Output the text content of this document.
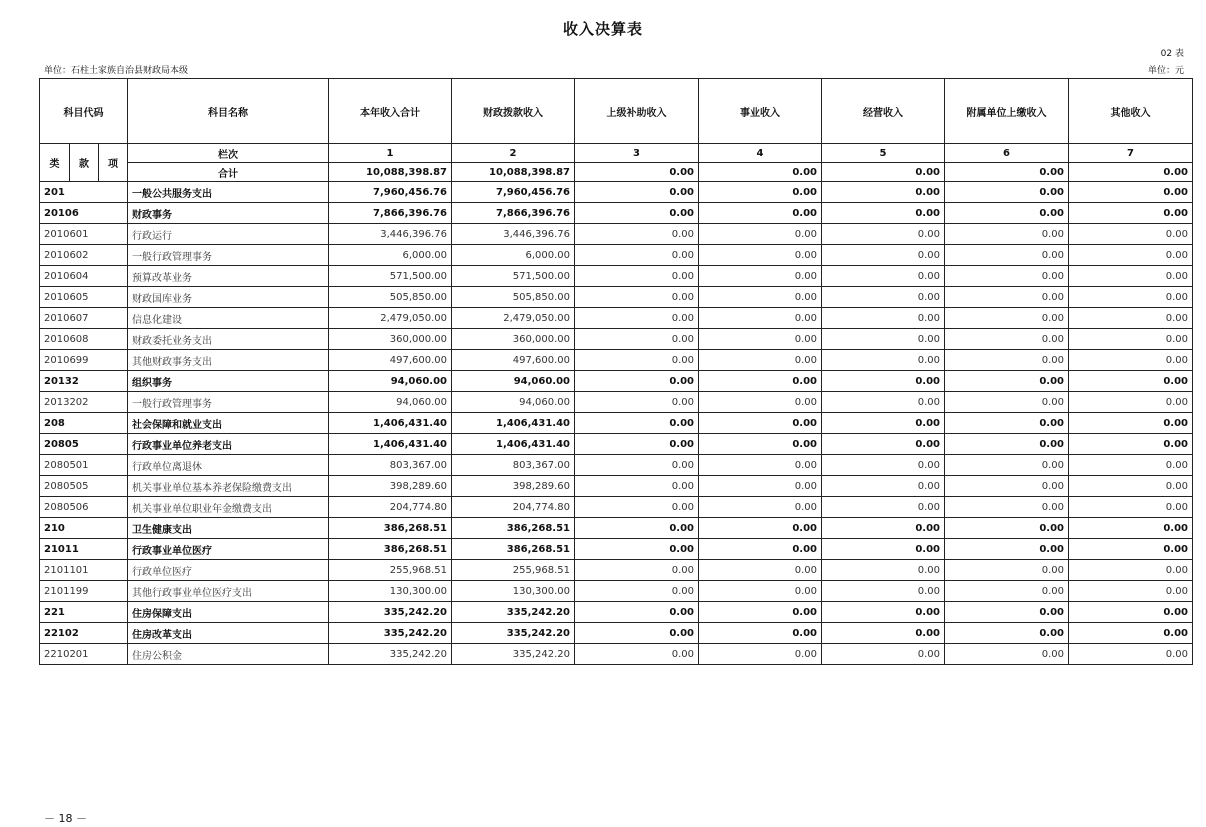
收入决算表
02 表
单位：石柱土家族自治县财政局本级	单位：元
科目代码			科目名称	本年收入合计	财政拨款收入	上级补助收入	事业收入	经营收入	附属单位上缴收入	其他收入
类	款	项	栏次	1	2	3	4	5	6	7
			合计	10,088,398.87	10,088,398.87	0.00	0.00	0.00	0.00	0.00
201			一般公共服务支出	7,960,456.76	7,960,456.76	0.00	0.00	0.00	0.00	0.00
20106			财政事务	7,866,396.76	7,866,396.76	0.00	0.00	0.00	0.00	0.00
2010601			行政运行	3,446,396.76	3,446,396.76	0.00	0.00	0.00	0.00	0.00
2010602			一般行政管理事务	6,000.00	6,000.00	0.00	0.00	0.00	0.00	0.00
2010604			预算改革业务	571,500.00	571,500.00	0.00	0.00	0.00	0.00	0.00
2010605			财政国库业务	505,850.00	505,850.00	0.00	0.00	0.00	0.00	0.00
2010607			信息化建设	2,479,050.00	2,479,050.00	0.00	0.00	0.00	0.00	0.00
2010608			财政委托业务支出	360,000.00	360,000.00	0.00	0.00	0.00	0.00	0.00
2010699			其他财政事务支出	497,600.00	497,600.00	0.00	0.00	0.00	0.00	0.00
20132			组织事务	94,060.00	94,060.00	0.00	0.00	0.00	0.00	0.00
2013202			一般行政管理事务	94,060.00	94,060.00	0.00	0.00	0.00	0.00	0.00
208			社会保障和就业支出	1,406,431.40	1,406,431.40	0.00	0.00	0.00	0.00	0.00
20805			行政事业单位养老支出	1,406,431.40	1,406,431.40	0.00	0.00	0.00	0.00	0.00
2080501			行政单位离退休	803,367.00	803,367.00	0.00	0.00	0.00	0.00	0.00
2080505			机关事业单位基本养老保险缴费支出	398,289.60	398,289.60	0.00	0.00	0.00	0.00	0.00
2080506			机关事业单位职业年金缴费支出	204,774.80	204,774.80	0.00	0.00	0.00	0.00	0.00
210			卫生健康支出	386,268.51	386,268.51	0.00	0.00	0.00	0.00	0.00
21011			行政事业单位医疗	386,268.51	386,268.51	0.00	0.00	0.00	0.00	0.00
2101101			行政单位医疗	255,968.51	255,968.51	0.00	0.00	0.00	0.00	0.00
2101199			其他行政事业单位医疗支出	130,300.00	130,300.00	0.00	0.00	0.00	0.00	0.00
221			住房保障支出	335,242.20	335,242.20	0.00	0.00	0.00	0.00	0.00
22102			住房改革支出	335,242.20	335,242.20	0.00	0.00	0.00	0.00	0.00
2210201			住房公积金	335,242.20	335,242.20	0.00	0.00	0.00	0.00	0.00
－ 18 －
